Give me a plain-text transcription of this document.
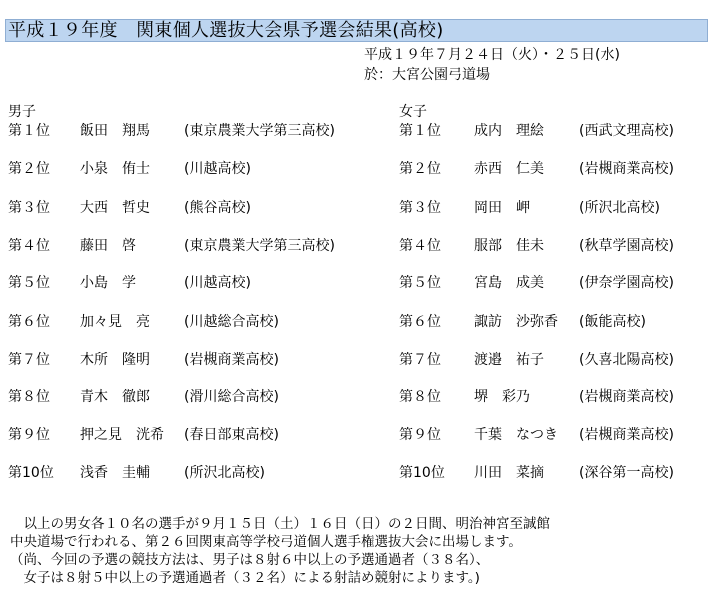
平成１９年度　関東個人選抜大会県予選会結果(高校)
平成１９年７月２４日（火）・２５日(水)
於：大宮公園弓道場
男子	女子
第１位 飯田　翔馬 (東京農業大学第三高校)
第２位 小泉　侑士 (川越高校)
第３位 大西　哲史 (熊谷高校)
第４位 藤田　啓	(東京農業大学第三高校)
第５位 小島　学	(川越高校)
第６位 加々見　亮 (川越総合高校)
第７位 木所　隆明 (岩槻商業高校)
第８位 青木　徹郎 (滑川総合高校)
第９位 押之見　洸希 (春日部東高校)
第10位 浅香　圭輔 (所沢北高校)
第１位 成内　理絵	(西武文理高校)
第２位 赤西　仁美	(岩槻商業高校)
第３位 岡田　岬	(所沢北高校)
第４位 服部　佳未	(秋草学園高校)
第５位 宮島　成美	(伊奈学園高校)
第６位 諏訪　沙弥香 (飯能高校)
第７位 渡邉　祐子	(久喜北陽高校)
第８位 堺　彩乃	(岩槻商業高校)
第９位 千葉　なつき (岩槻商業高校)
第10位 川田　菜摘	(深谷第一高校)
　以上の男女各１０名の選手が９月１５日（土）１６日（日）の２日間、明治神宮至誠館
中央道場で行われる、第２６回関東高等学校弓道個人選手権選抜大会に出場します。
（尚、今回の予選の競技方法は、男子は８射６中以上の予選通過者（３８名）、
　女子は８射５中以上の予選通過者（３２名）による射詰め競射によります。)
